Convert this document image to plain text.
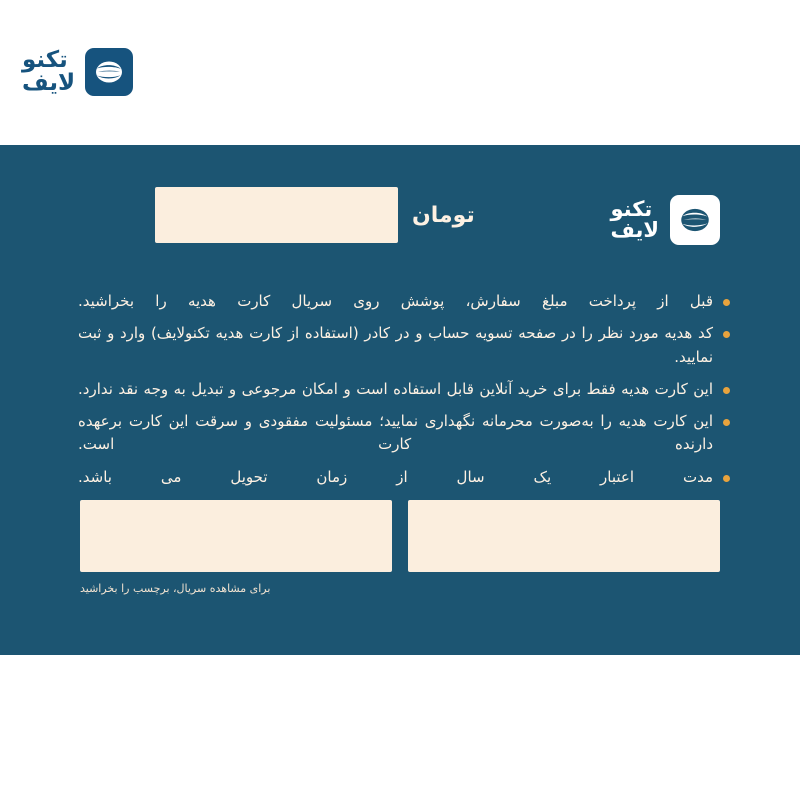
تکنو
لایف
تکنو
لایف
تومان
قبل از پرداخت مبلغ سفارش، پوشش روی سریال کارت هدیه را بخراشید.
کد هدیه مورد نظر را در صفحه تسویه حساب و در کادر (استفاده از کارت هدیه تکنولایف) وارد و ثبت نمایید.
این کارت هدیه فقط برای خرید آنلاین قابل استفاده است و امکان مرجوعی و تبدیل به وجه نقد ندارد.
این کارت هدیه را به‌صورت محرمانه نگهداری نمایید؛ مسئولیت مفقودی و سرقت این کارت برعهده دارنده کارت است.
مدت اعتبار یک سال از زمان تحویل می باشد.
برای مشاهده سریال، برچسب را بخراشید
